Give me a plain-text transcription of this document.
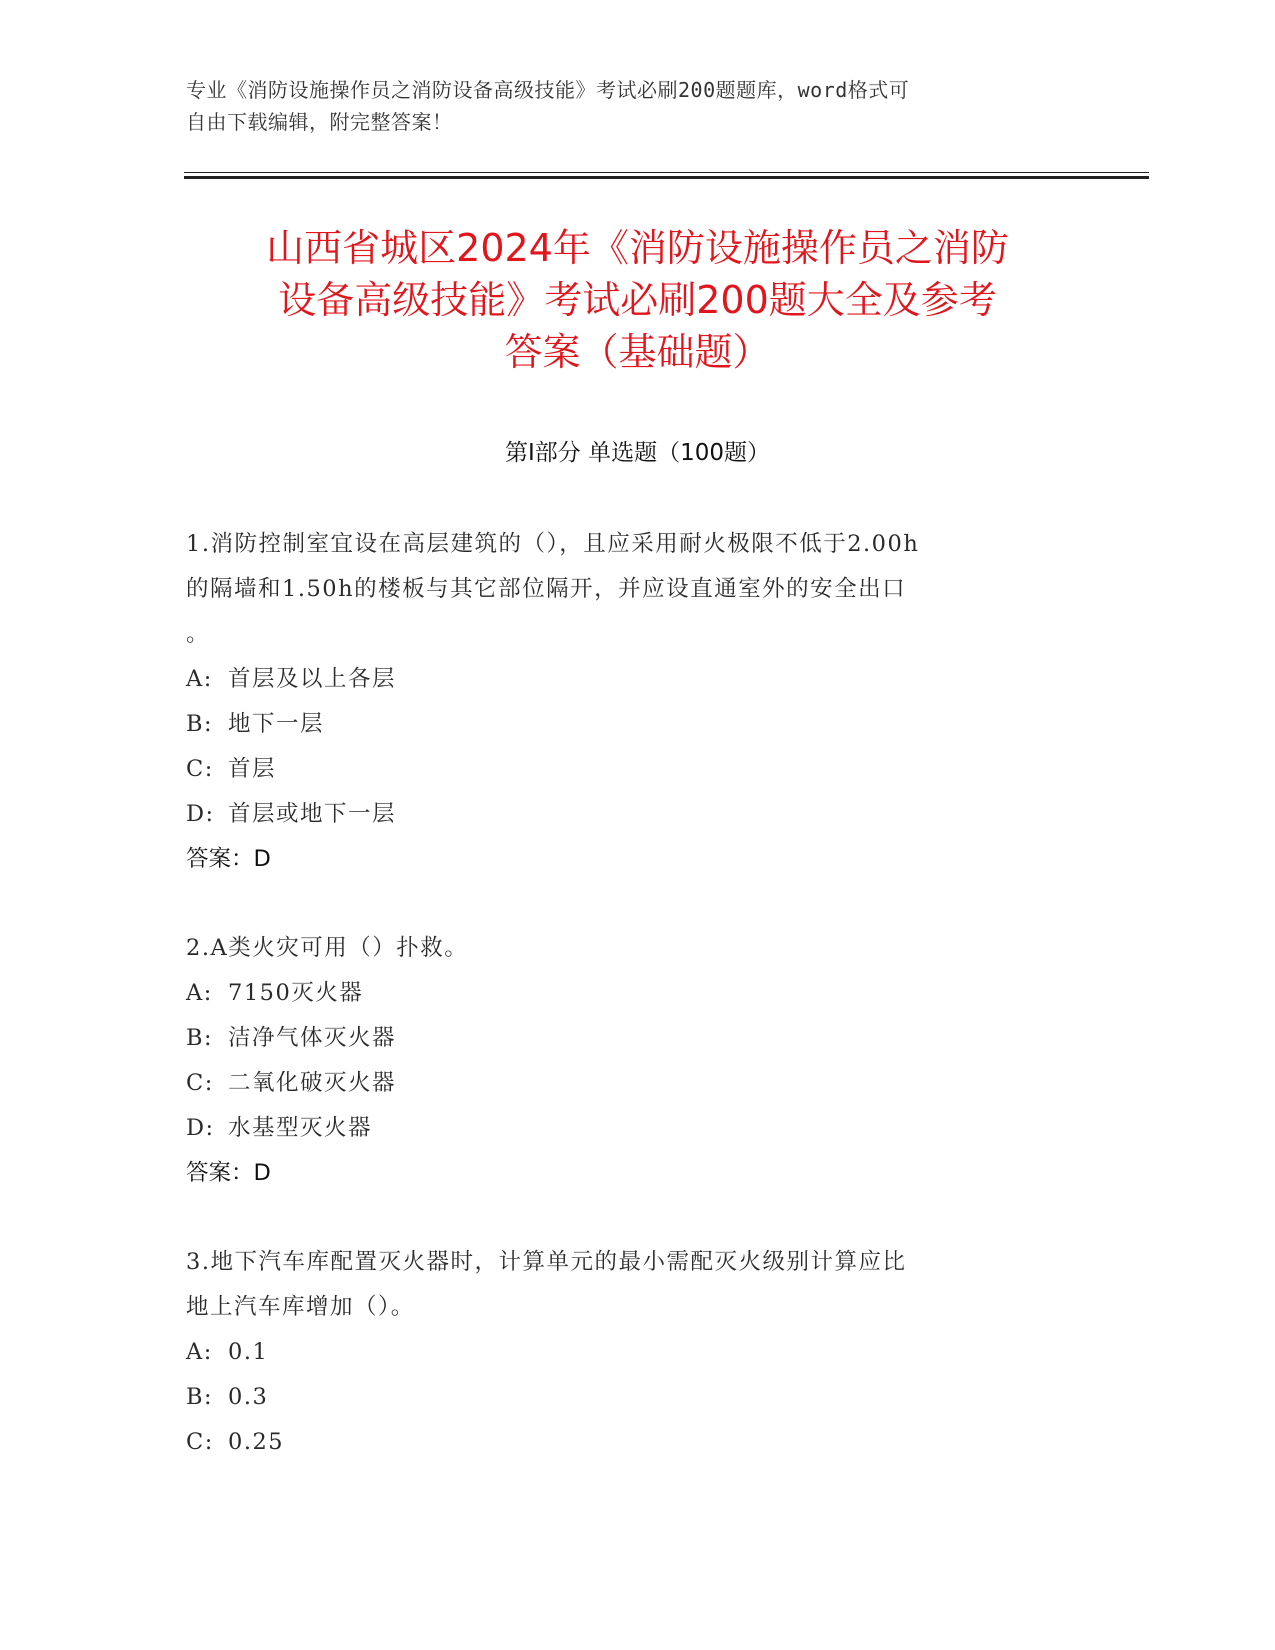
专业《消防设施操作员之消防设备高级技能》考试必刷200题题库，word格式可
自由下载编辑，附完整答案！
山西省城区2024年《消防设施操作员之消防
设备高级技能》考试必刷200题大全及参考
答案（基础题）
第Ⅰ部分 单选题（100题）
1.消防控制室宜设在高层建筑的（），且应采用耐火极限不低于2.00h
的隔墙和1.50h的楼板与其它部位隔开，并应设直通室外的安全出口
。
A: 首层及以上各层
B: 地下一层
C: 首层
D: 首层或地下一层
答案：D
2.A类火灾可用（）扑救。
A: 7150灭火器
B: 洁净气体灭火器
C: 二氧化破灭火器
D: 水基型灭火器
答案：D
3.地下汽车库配置灭火器时，计算单元的最小需配灭火级别计算应比
地上汽车库增加（）。
A: 0.1
B: 0.3
C: 0.25
